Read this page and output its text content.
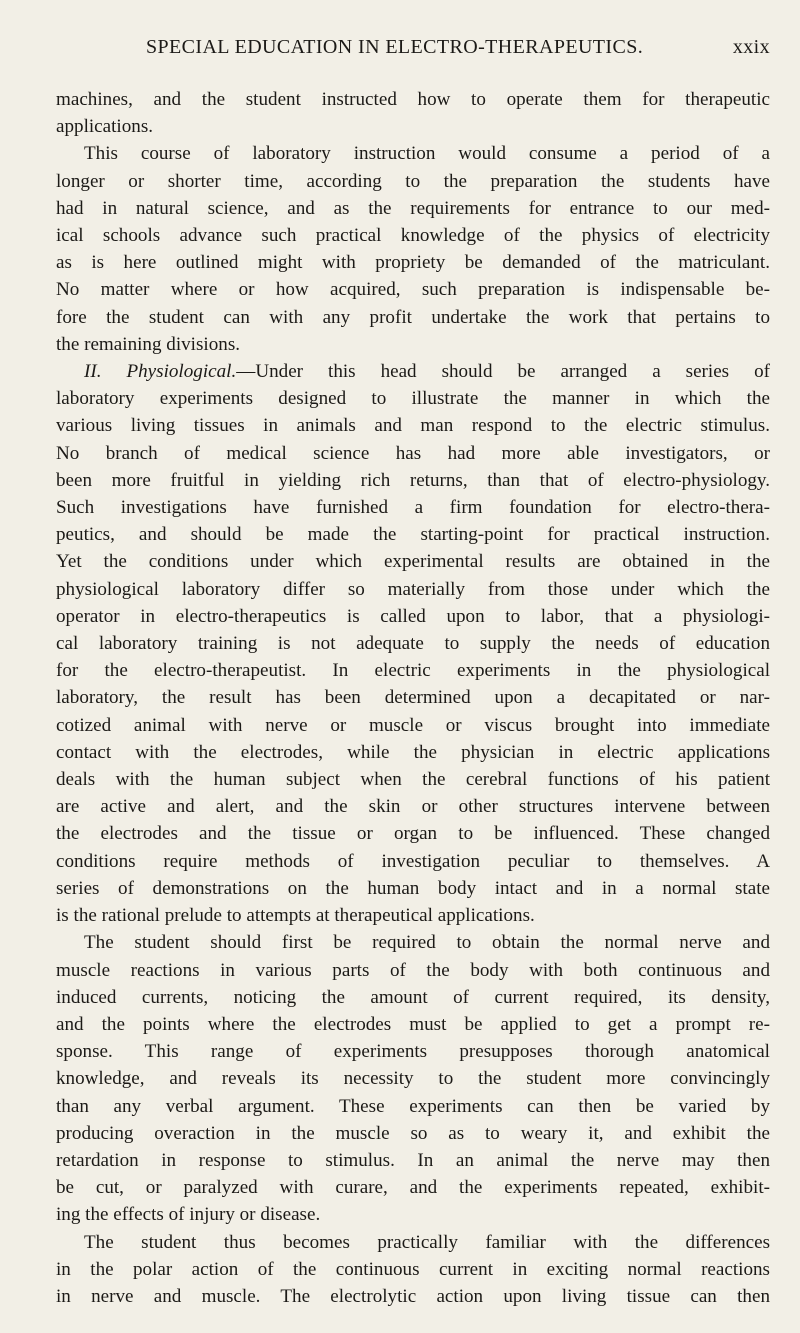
SPECIAL EDUCATION IN ELECTRO-THERAPEUTICS.	xxix

machines, and the student instructed how to operate them for therapeutic

applications.

This course of laboratory instruction would consume a period of a

longer or shorter time, according to the preparation the students have

had in natural science, and as the requirements for entrance to our med-

ical schools advance such practical knowledge of the physics of electricity

as is here outlined might with propriety be demanded of the matriculant.

No matter where or how acquired, such preparation is indispensable be-

fore the student can with any profit undertake the work that pertains to

the remaining divisions.

II. Physiological.—Under this head should be arranged a series of

laboratory experiments designed to illustrate the manner in which the

various living tissues in animals and man respond to the electric stimulus.

No branch of medical science has had more able investigators, or

been more fruitful in yielding rich returns, than that of electro-physiology.

Such investigations have furnished a firm foundation for electro-thera-

peutics, and should be made the starting-point for practical instruction.

Yet the conditions under which experimental results are obtained in the

physiological laboratory differ so materially from those under which the

operator in electro-therapeutics is called upon to labor, that a physiologi-

cal laboratory training is not adequate to supply the needs of education

for the electro-therapeutist. In electric experiments in the physiological

laboratory, the result has been determined upon a decapitated or nar-

cotized animal with nerve or muscle or viscus brought into immediate

contact with the electrodes, while the physician in electric applications

deals with the human subject when the cerebral functions of his patient

are active and alert, and the skin or other structures intervene between

the electrodes and the tissue or organ to be influenced. These changed

conditions require methods of investigation peculiar to themselves. A

series of demonstrations on the human body intact and in a normal state

is the rational prelude to attempts at therapeutical applications.

The student should first be required to obtain the normal nerve and

muscle reactions in various parts of the body with both continuous and

induced currents, noticing the amount of current required, its density,

and the points where the electrodes must be applied to get a prompt re-

sponse. This range of experiments presupposes thorough anatomical

knowledge, and reveals its necessity to the student more convincingly

than any verbal argument. These experiments can then be varied by

producing overaction in the muscle so as to weary it, and exhibit the

retardation in response to stimulus. In an animal the nerve may then

be cut, or paralyzed with curare, and the experiments repeated, exhibit-

ing the effects of injury or disease.

The student thus becomes practically familiar with the differences

in the polar action of the continuous current in exciting normal reactions

in nerve and muscle. The electrolytic action upon living tissue can then
